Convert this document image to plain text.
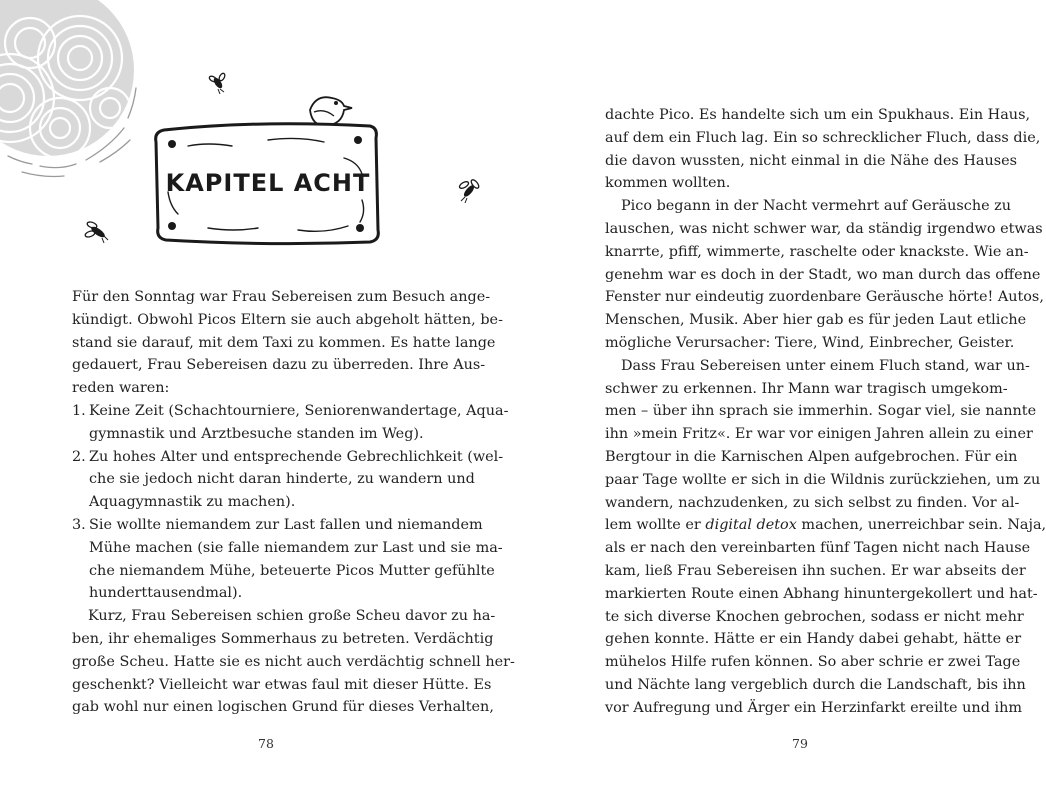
KAPITEL ACHT
Für den Sonntag war Frau Sebereisen zum Besuch ange-
kündigt. Obwohl Picos Eltern sie auch abgeholt hätten, be-
stand sie darauf, mit dem Taxi zu kommen. Es hatte lange
gedauert, Frau Sebereisen dazu zu überreden. Ihre Aus-
reden waren:
1. Keine Zeit (Schachtourniere, Seniorenwandertage, Aqua-
gymnastik und Arztbesuche standen im Weg).
2. Zu hohes Alter und entsprechende Gebrechlichkeit (wel-
che sie jedoch nicht daran hinderte, zu wandern und
Aquagymnastik zu machen).
3. Sie wollte niemandem zur Last fallen und niemandem
Mühe machen (sie falle niemandem zur Last und sie ma-
che niemandem Mühe, beteuerte Picos Mutter gefühlte
hunderttausendmal).
Kurz, Frau Sebereisen schien große Scheu davor zu ha-
ben, ihr ehemaliges Sommerhaus zu betreten. Verdächtig
große Scheu. Hatte sie es nicht auch verdächtig schnell her-
geschenkt? Vielleicht war etwas faul mit dieser Hütte. Es
gab wohl nur einen logischen Grund für dieses Verhalten,
78
dachte Pico. Es handelte sich um ein Spukhaus. Ein Haus,
auf dem ein Fluch lag. Ein so schrecklicher Fluch, dass die,
die davon wussten, nicht einmal in die Nähe des Hauses
kommen wollten.
Pico begann in der Nacht vermehrt auf Geräusche zu
lauschen, was nicht schwer war, da ständig irgendwo etwas
knarrte, pfiff, wimmerte, raschelte oder knackste. Wie an-
genehm war es doch in der Stadt, wo man durch das offene
Fenster nur eindeutig zuordenbare Geräusche hörte! Autos,
Menschen, Musik. Aber hier gab es für jeden Laut etliche
mögliche Verursacher: Tiere, Wind, Einbrecher, Geister.
Dass Frau Sebereisen unter einem Fluch stand, war un-
schwer zu erkennen. Ihr Mann war tragisch umgekom-
men – über ihn sprach sie immerhin. Sogar viel, sie nannte
ihn »mein Fritz«. Er war vor einigen Jahren allein zu einer
Bergtour in die Karnischen Alpen aufgebrochen. Für ein
paar Tage wollte er sich in die Wildnis zurückziehen, um zu
wandern, nachzudenken, zu sich selbst zu finden. Vor al-
lem wollte er digital detox machen, unerreichbar sein. Naja,
als er nach den vereinbarten fünf Tagen nicht nach Hause
kam, ließ Frau Sebereisen ihn suchen. Er war abseits der
markierten Route einen Abhang hinuntergekollert und hat-
te sich diverse Knochen gebrochen, sodass er nicht mehr
gehen konnte. Hätte er ein Handy dabei gehabt, hätte er
mühelos Hilfe rufen können. So aber schrie er zwei Tage
und Nächte lang vergeblich durch die Landschaft, bis ihn
vor Aufregung und Ärger ein Herzinfarkt ereilte und ihm
79
